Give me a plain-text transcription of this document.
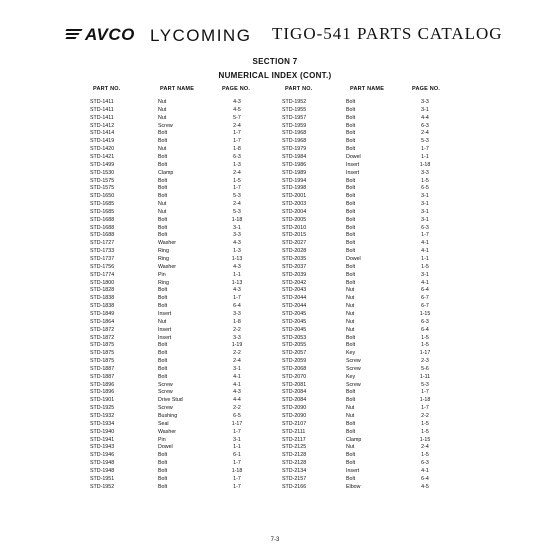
AVCO LYCOMING TIGO-541 PARTS CATALOG
SECTION 7
NUMERICAL INDEX (CONT.)
PART NO.	PART NAME	PAGE NO.	PART NO.	PART NAME	PAGE NO.
STD-1411	Nut	4-3	STD-1952	Bolt	3-3
STD-1411	Nut	4-5	STD-1955	Bolt	3-1
STD-1411	Nut	5-7	STD-1957	Bolt	4-4
STD-1412	Screw	2-4	STD-1959	Bolt	6-3
STD-1414	Bolt	1-7	STD-1968	Bolt	2-4
STD-1419	Bolt	1-7	STD-1968	Bolt	5-3
STD-1420	Nut	1-8	STD-1979	Bolt	1-7
STD-1421	Bolt	6-3	STD-1984	Dowel	1-1
STD-1499	Bolt	1-3	STD-1986	Insert	1-18
STD-1530	Clamp	2-4	STD-1989	Insert	3-3
STD-1575	Bolt	1-5	STD-1994	Bolt	1-5
STD-1575	Bolt	1-7	STD-1998	Bolt	6-5
STD-1650	Bolt	5-3	STD-2001	Bolt	3-1
STD-1685	Nut	2-4	STD-2003	Bolt	3-1
STD-1685	Nut	5-3	STD-2004	Bolt	3-1
STD-1688	Bolt	1-18	STD-2005	Bolt	3-1
STD-1688	Bolt	3-1	STD-2010	Bolt	6-3
STD-1688	Bolt	3-3	STD-2015	Bolt	1-7
STD-1727	Washer	4-3	STD-2027	Bolt	4-1
STD-1733	Ring	1-3	STD-2028	Bolt	4-1
STD-1737	Ring	1-13	STD-2035	Dowel	1-1
STD-1756	Washer	4-3	STD-2037	Bolt	1-5
STD-1774	Pin	1-1	STD-2039	Bolt	3-1
STD-1800	Ring	1-13	STD-2042	Bolt	4-1
STD-1828	Bolt	4-3	STD-2043	Nut	6-4
STD-1838	Bolt	1-7	STD-2044	Nut	6-7
STD-1838	Bolt	6-4	STD-2044	Nut	6-7
STD-1849	Insert	3-3	STD-2045	Nut	1-15
STD-1864	Nut	1-8	STD-2045	Nut	6-3
STD-1872	Insert	2-2	STD-2045	Nut	6-4
STD-1872	Insert	3-3	STD-2053	Bolt	1-5
STD-1875	Bolt	1-19	STD-2055	Bolt	1-5
STD-1875	Bolt	2-2	STD-2057	Key	1-17
STD-1875	Bolt	2-4	STD-2059	Screw	2-3
STD-1887	Bolt	3-1	STD-2068	Screw	5-6
STD-1887	Bolt	4-1	STD-2070	Key	1-11
STD-1896	Screw	4-1	STD-2081	Screw	5-3
STD-1896	Screw	4-3	STD-2084	Bolt	1-7
STD-1901	Drive Stud	4-4	STD-2084	Bolt	1-18
STD-1925	Screw	2-2	STD-2090	Nut	1-7
STD-1932	Bushing	6-5	STD-2090	Nut	2-2
STD-1934	Seal	1-17	STD-2107	Bolt	1-5
STD-1940	Washer	1-7	STD-2111	Bolt	1-5
STD-1941	Pin	3-1	STD-2117	Clamp	1-15
STD-1943	Dowel	1-1	STD-2125	Nut	2-4
STD-1946	Bolt	6-1	STD-2128	Bolt	1-5
STD-1948	Bolt	1-7	STD-2128	Bolt	6-3
STD-1948	Bolt	1-18	STD-2134	Insert	4-1
STD-1951	Bolt	1-7	STD-2157	Bolt	6-4
STD-1952	Bolt	1-7	STD-2166	Elbow	4-5
7-3
